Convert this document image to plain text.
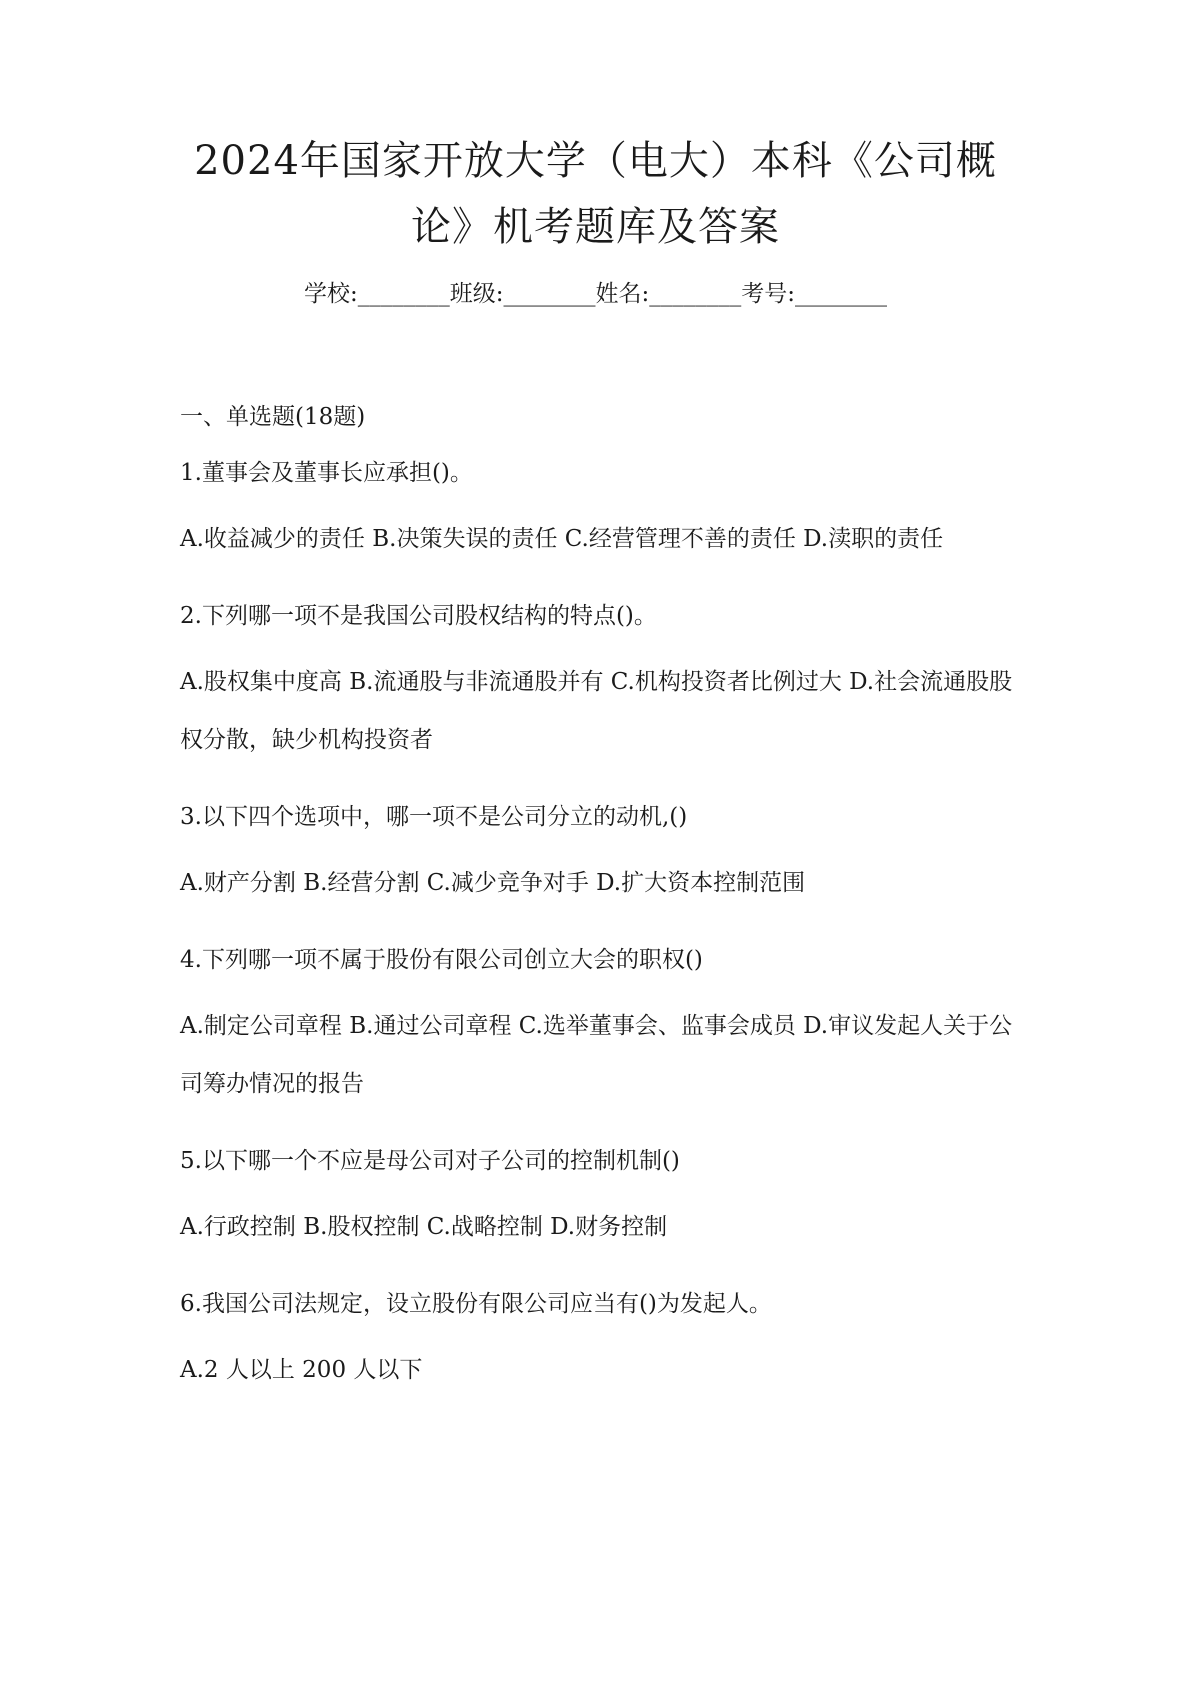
2024年国家开放大学（电大）本科《公司概论》机考题库及答案
学校:________班级:________姓名:________考号:________
一、单选题(18题)

1.董事会及董事长应承担()。

A.收益减少的责任 B.决策失误的责任 C.经营管理不善的责任 D.渎职的责任

2.下列哪一项不是我国公司股权结构的特点()。

A.股权集中度高 B.流通股与非流通股并有 C.机构投资者比例过大 D.社会流通股股权分散，缺少机构投资者

3.以下四个选项中，哪一项不是公司分立的动机,()

A.财产分割 B.经营分割 C.减少竞争对手 D.扩大资本控制范围

4.下列哪一项不属于股份有限公司创立大会的职权()

A.制定公司章程 B.通过公司章程 C.选举董事会、监事会成员 D.审议发起人关于公司筹办情况的报告

5.以下哪一个不应是母公司对子公司的控制机制()

A.行政控制 B.股权控制 C.战略控制 D.财务控制

6.我国公司法规定，设立股份有限公司应当有()为发起人。

A.2 人以上 200 人以下
